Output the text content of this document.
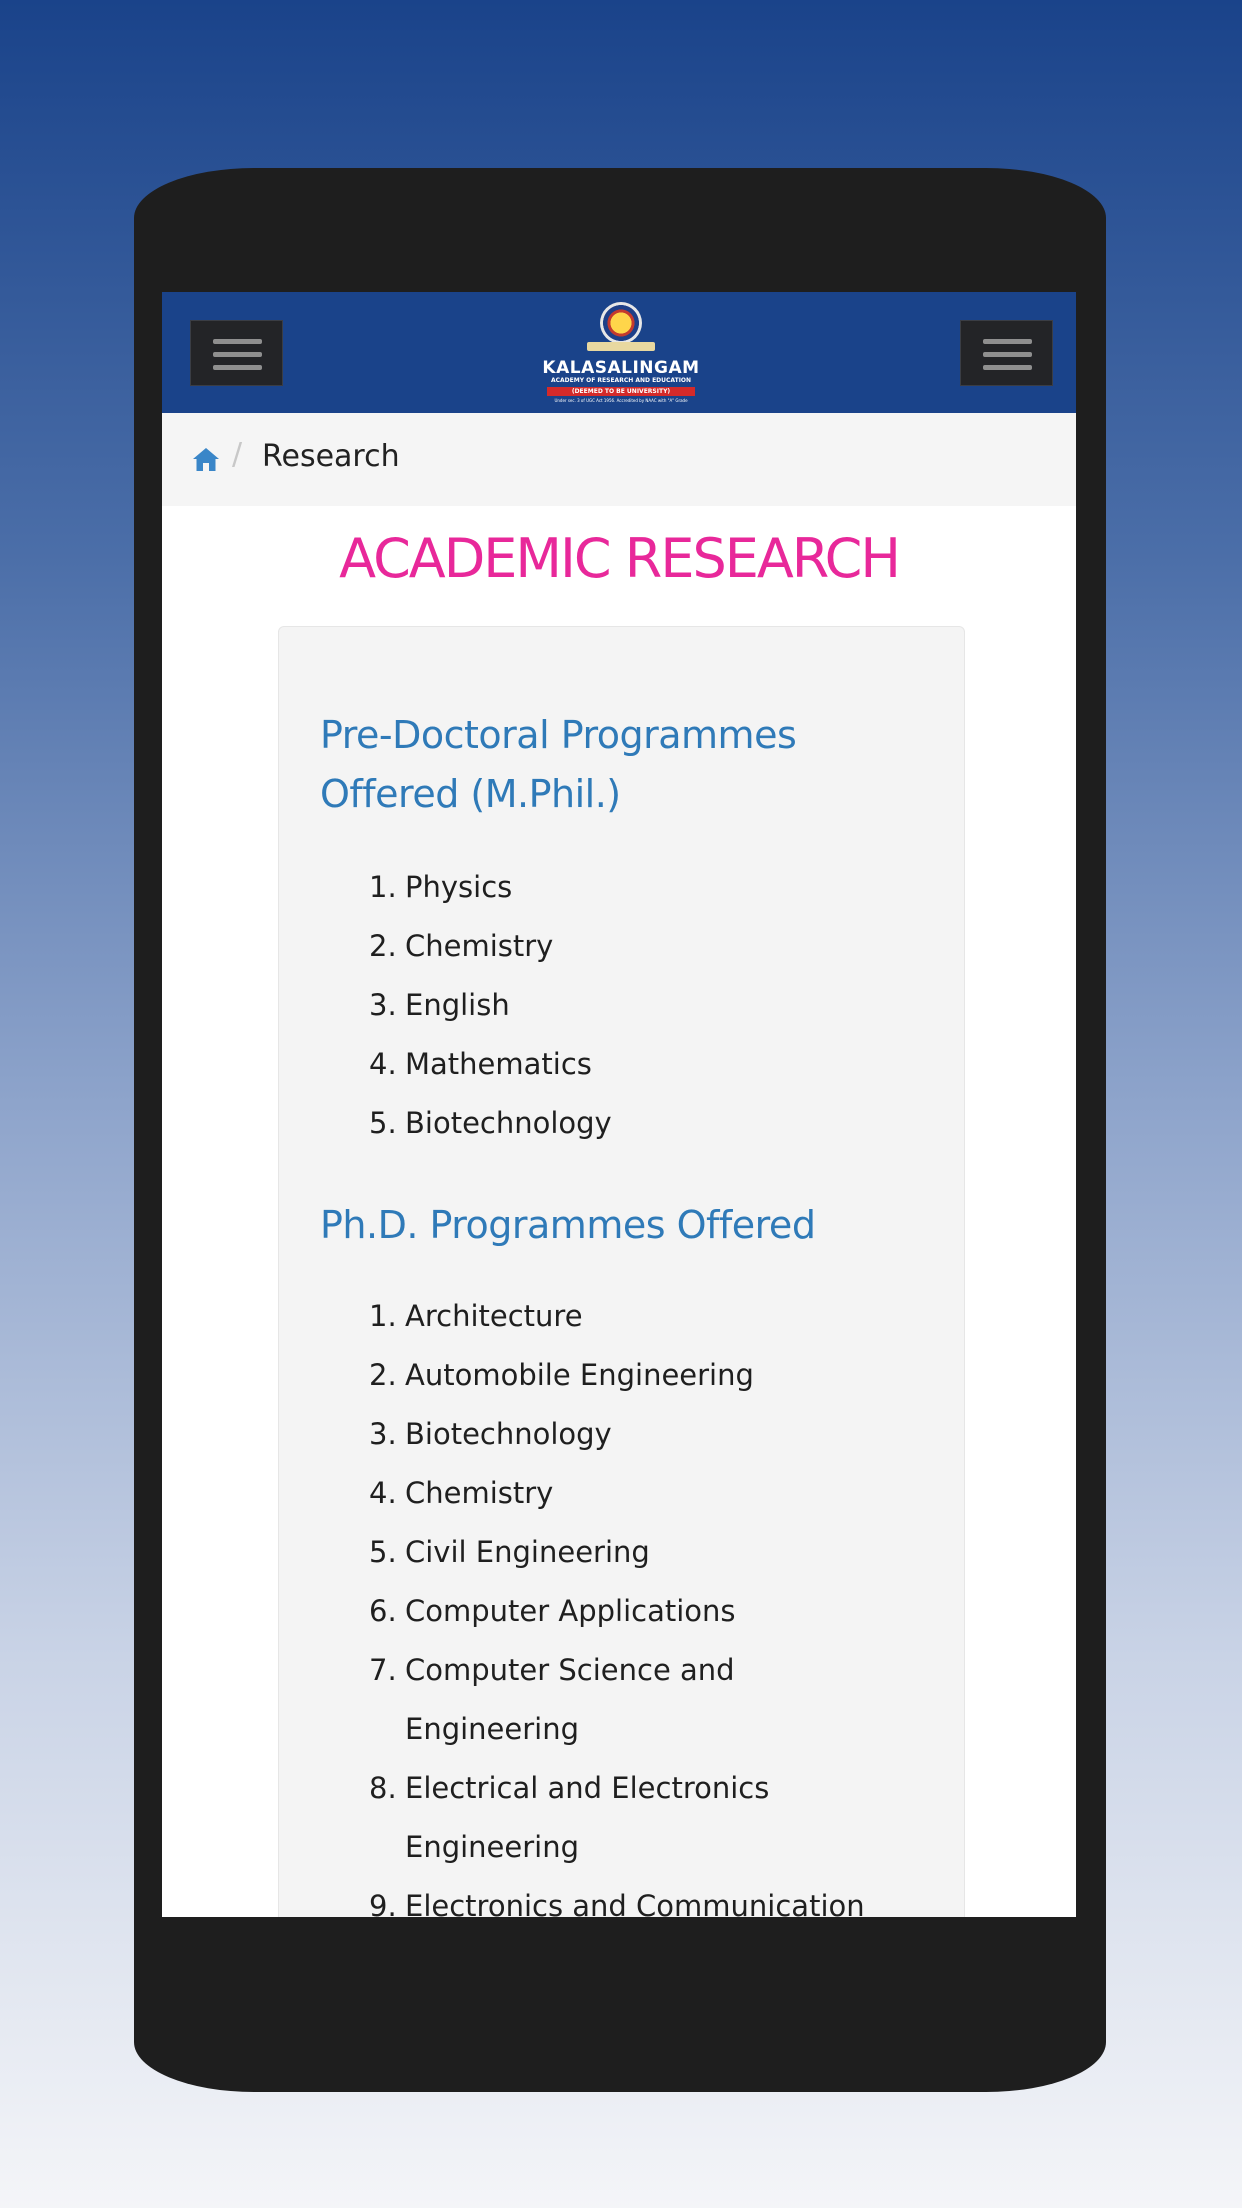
KALASALINGAM
ACADEMY OF RESEARCH AND EDUCATION
(DEEMED TO BE UNIVERSITY)
Under sec. 3 of UGC Act 1956. Accredited by NAAC with "A" Grade
/ Research
ACADEMIC RESEARCH
Pre-Doctoral Programmes
Offered (M.Phil.)
1. Physics
2. Chemistry
3. English
4. Mathematics
5. Biotechnology
Ph.D. Programmes Offered
1. Architecture
2. Automobile Engineering
3. Biotechnology
4. Chemistry
5. Civil Engineering
6. Computer Applications
7. Computer Science and
Engineering
8. Electrical and Electronics
Engineering
9. Electronics and Communication
